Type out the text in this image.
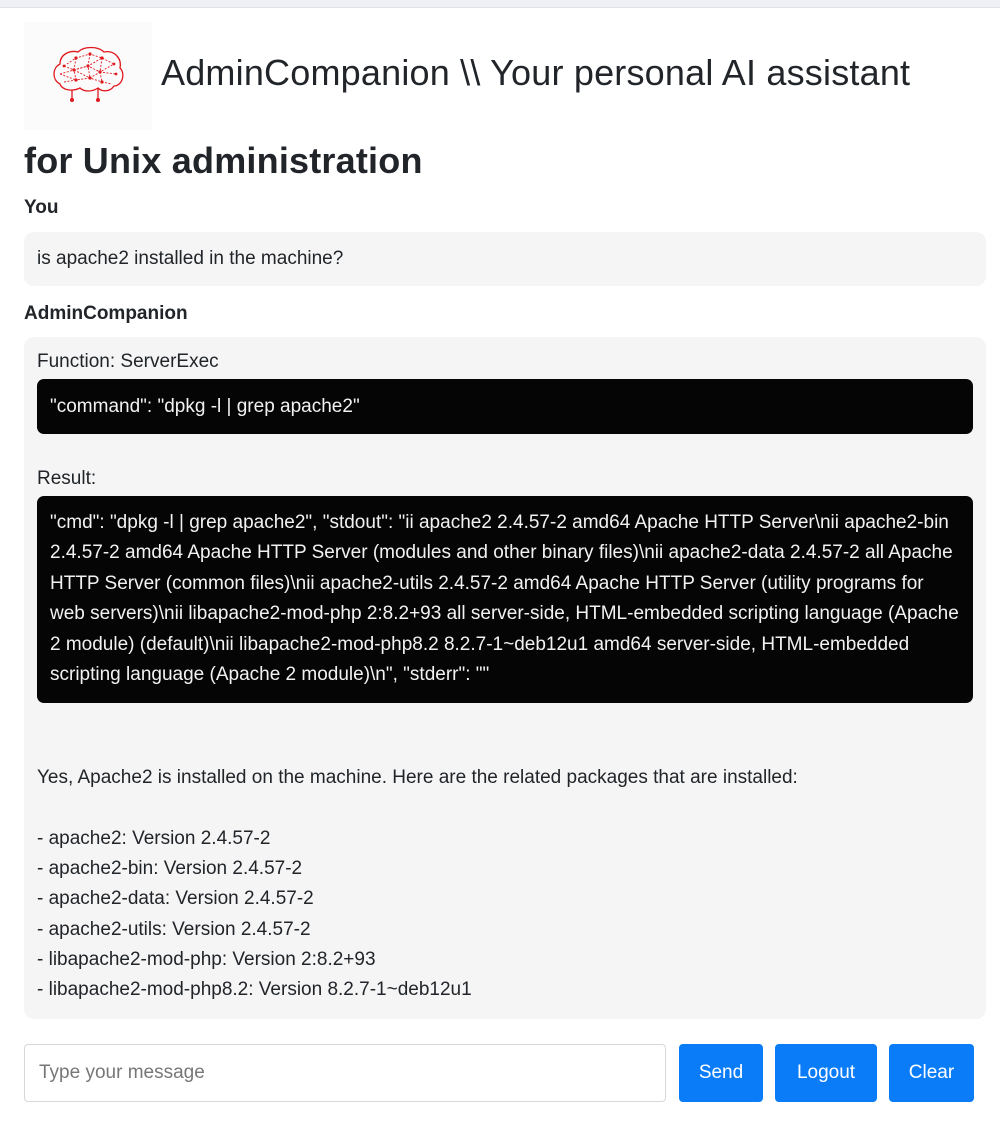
AdminCompanion \\ Your personal AI assistant
for Unix administration
You
is apache2 installed in the machine?
AdminCompanion
Function: ServerExec
"command": "dpkg -l | grep apache2"
Result:
"cmd": "dpkg -l | grep apache2", "stdout": "ii apache2 2.4.57-2 amd64 Apache HTTP Server\nii apache2-bin 2.4.57-2 amd64 Apache HTTP Server (modules and other binary files)\nii apache2-data 2.4.57-2 all Apache HTTP Server (common files)\nii apache2-utils 2.4.57-2 amd64 Apache HTTP Server (utility programs for web servers)\nii libapache2-mod-php 2:8.2+93 all server-side, HTML-embedded scripting language (Apache 2 module) (default)\nii libapache2-mod-php8.2 8.2.7-1~deb12u1 amd64 server-side, HTML-embedded scripting language (Apache 2 module)\n", "stderr": ""
Yes, Apache2 is installed on the machine. Here are the related packages that are installed:
- apache2: Version 2.4.57-2
- apache2-bin: Version 2.4.57-2
- apache2-data: Version 2.4.57-2
- apache2-utils: Version 2.4.57-2
- libapache2-mod-php: Version 2:8.2+93
- libapache2-mod-php8.2: Version 8.2.7-1~deb12u1
Type your message
Send	Logout	Clear
